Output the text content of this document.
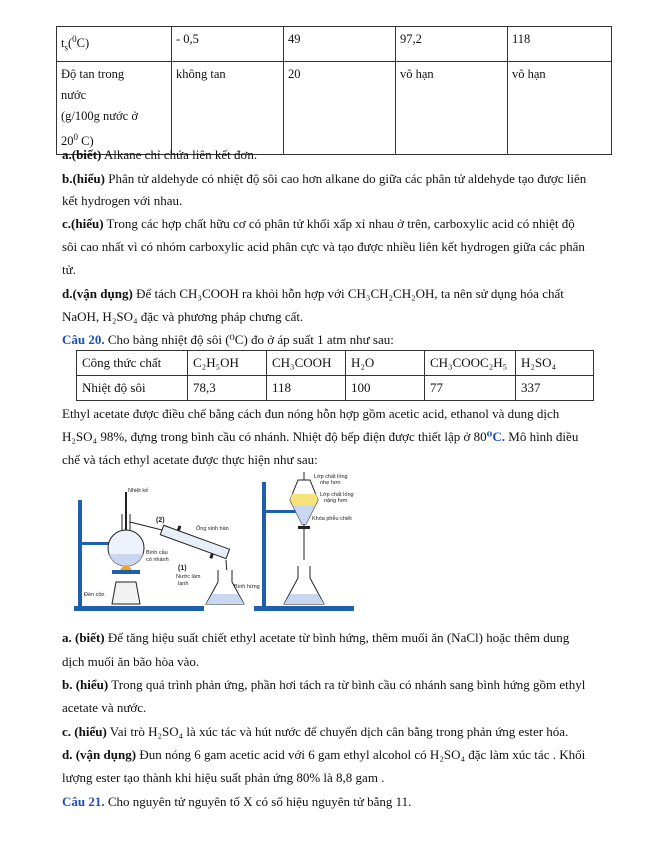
$t_s(^0C)$	- 0,5	49	97,2	118
Độ tan trong
nước
(g/100g nước ở
$20^0$ C)	không tan	20	vô hạn	vô hạn

a.(biết) Alkane chỉ chứa liên kết đơn.

b.(hiểu) Phân tử aldehyde có nhiệt độ sôi cao hơn alkane do giữa các phân tử aldehyde tạo được liên

kết hydrogen với nhau.

c.(hiểu) Trong các hợp chất hữu cơ có phân tử khối xấp xỉ nhau ở trên, carboxylic acid có nhiệt độ

sôi cao nhất vì có nhóm carboxylic acid phân cực và tạo được nhiều liên kết hydrogen giữa các phân

tử.

d.(vận dụng) Để tách CH₃COOH ra khỏi hỗn hợp với CH₃CH₂CH₂OH, ta nên sử dụng hóa chất

NaOH, H₂SO₄ đặc và phương pháp chưng cất.

Câu 20. Cho bảng nhiệt độ sôi (⁰C) đo ở áp suất 1 atm như sau:

Công thức chất	C₂H₅OH	CH₃COOH	H₂O	CH₃COOC₂H₅	H₂SO₄
Nhiệt độ sôi	78,3	118	100	77	337

Ethyl acetate được điều chế bằng cách đun nóng hỗn hợp gồm acetic acid, ethanol và dung dịch

H₂SO₄ 98%, đựng trong bình cầu có nhánh. Nhiệt độ bếp điện được thiết lập ở 80⁰C. Mô hình điều

chế và tách ethyl acetate được thực hiện như sau:

Nhiệt kế
(2)
Ống sinh hàn
Bình cầu
có nhánh
(1)
Nước làm
lạnh	Bình hứng
Đèn cồn
Lớp chất lỏng
nhẹ hơn
Lớp chất lỏng
nặng hơn
Khóa phễu chiết

a. (biết) Để tăng hiệu suất chiết ethyl acetate từ bình hứng, thêm muối ăn (NaCl) hoặc thêm dung

dịch muối ăn bão hòa vào.

b. (hiểu) Trong quá trình phản ứng, phần hơi tách ra từ bình cầu có nhánh sang bình hứng gồm ethyl

acetate và nước.

c. (hiểu) Vai trò H₂SO₄ là xúc tác và hút nước để chuyển dịch cân bằng trong phản ứng ester hóa.

d. (vận dụng) Đun nóng 6 gam acetic acid với 6 gam ethyl alcohol có H₂SO₄ đặc làm xúc tác . Khối

lượng ester tạo thành khi hiệu suất phản ứng 80% là 8,8 gam .

Câu 21. Cho nguyên tử nguyên tố X có số hiệu nguyên tử bằng 11.
